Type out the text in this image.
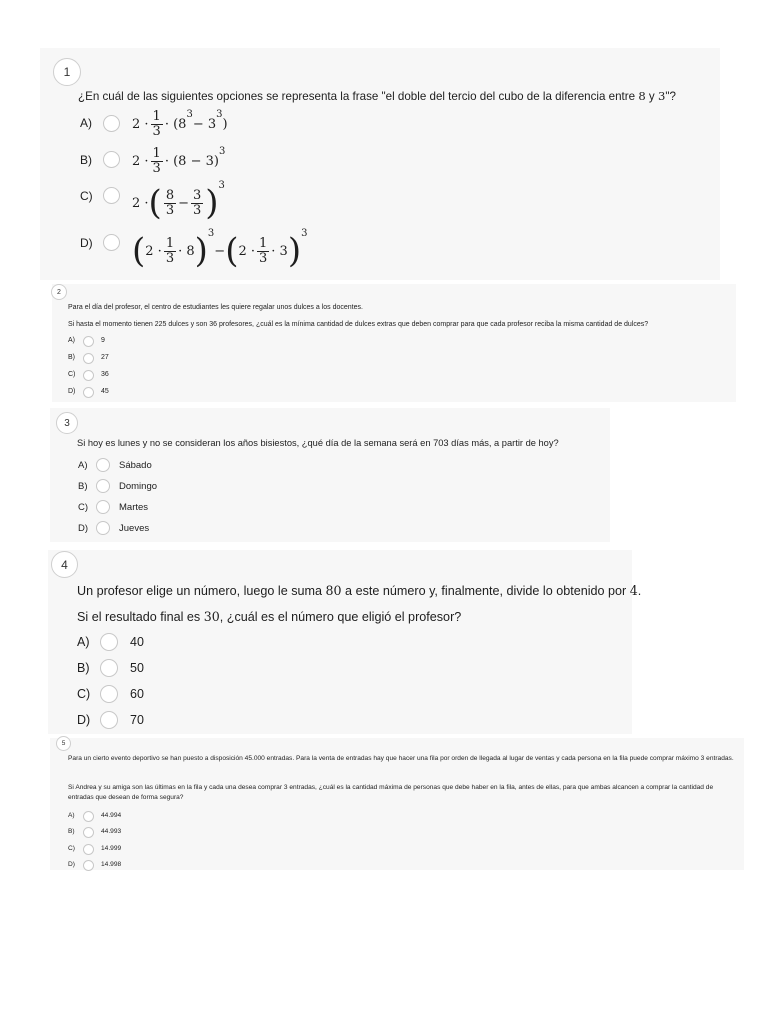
1
¿En cuál de las siguientes opciones se representa la frase "el doble del tercio del cubo de la diferencia entre 8 y 3"?
A)	$2 \cdot \frac{1}{3} \cdot (8$
3
− 3
3
)
B)	$2 \cdot \frac{1}{3} \cdot (8 - 3)$
3
C)	2 · ( $\frac{8}{3} - \frac{3}{3}$ ) 3
D) ( $2 \cdot \frac{1}{3} \cdot 8$ ) 3
− ( $2 \cdot \frac{1}{3} \cdot 3$ ) 3
2
Para el día del profesor, el centro de estudiantes les quiere regalar unos dulces a los docentes.
Si hasta el momento tienen 225 dulces y son 36 profesores, ¿cuál es la mínima cantidad de dulces extras que deben comprar para que cada profesor reciba la misma cantidad de dulces?
A)	9
B)	27
C)	36
D)	45
3
Si hoy es lunes y no se consideran los años bisiestos, ¿qué día de la semana será en 703 días más, a partir de hoy?
A)	Sábado
B)	Domingo
C)	Martes
D)	Jueves
4
Un profesor elige un número, luego le suma 80 a este número y, finalmente, divide lo obtenido por 4.
Si el resultado final es 30, ¿cuál es el número que eligió el profesor?
A)	40
B)	50
C)	60
D)	70
5
Para un cierto evento deportivo se han puesto a disposición 45.000 entradas. Para la venta de entradas hay que hacer una fila por orden de llegada al lugar de ventas y cada persona en la fila puede comprar máximo 3 entradas.
Si Andrea y su amiga son las últimas en la fila y cada una desea comprar 3 entradas, ¿cuál es la cantidad máxima de personas que debe haber en la fila, antes de ellas, para que ambas alcancen a comprar la cantidad de entradas que desean de forma segura?
A)	44.994
B)	44.993
C)	14.999
D)	14.998
